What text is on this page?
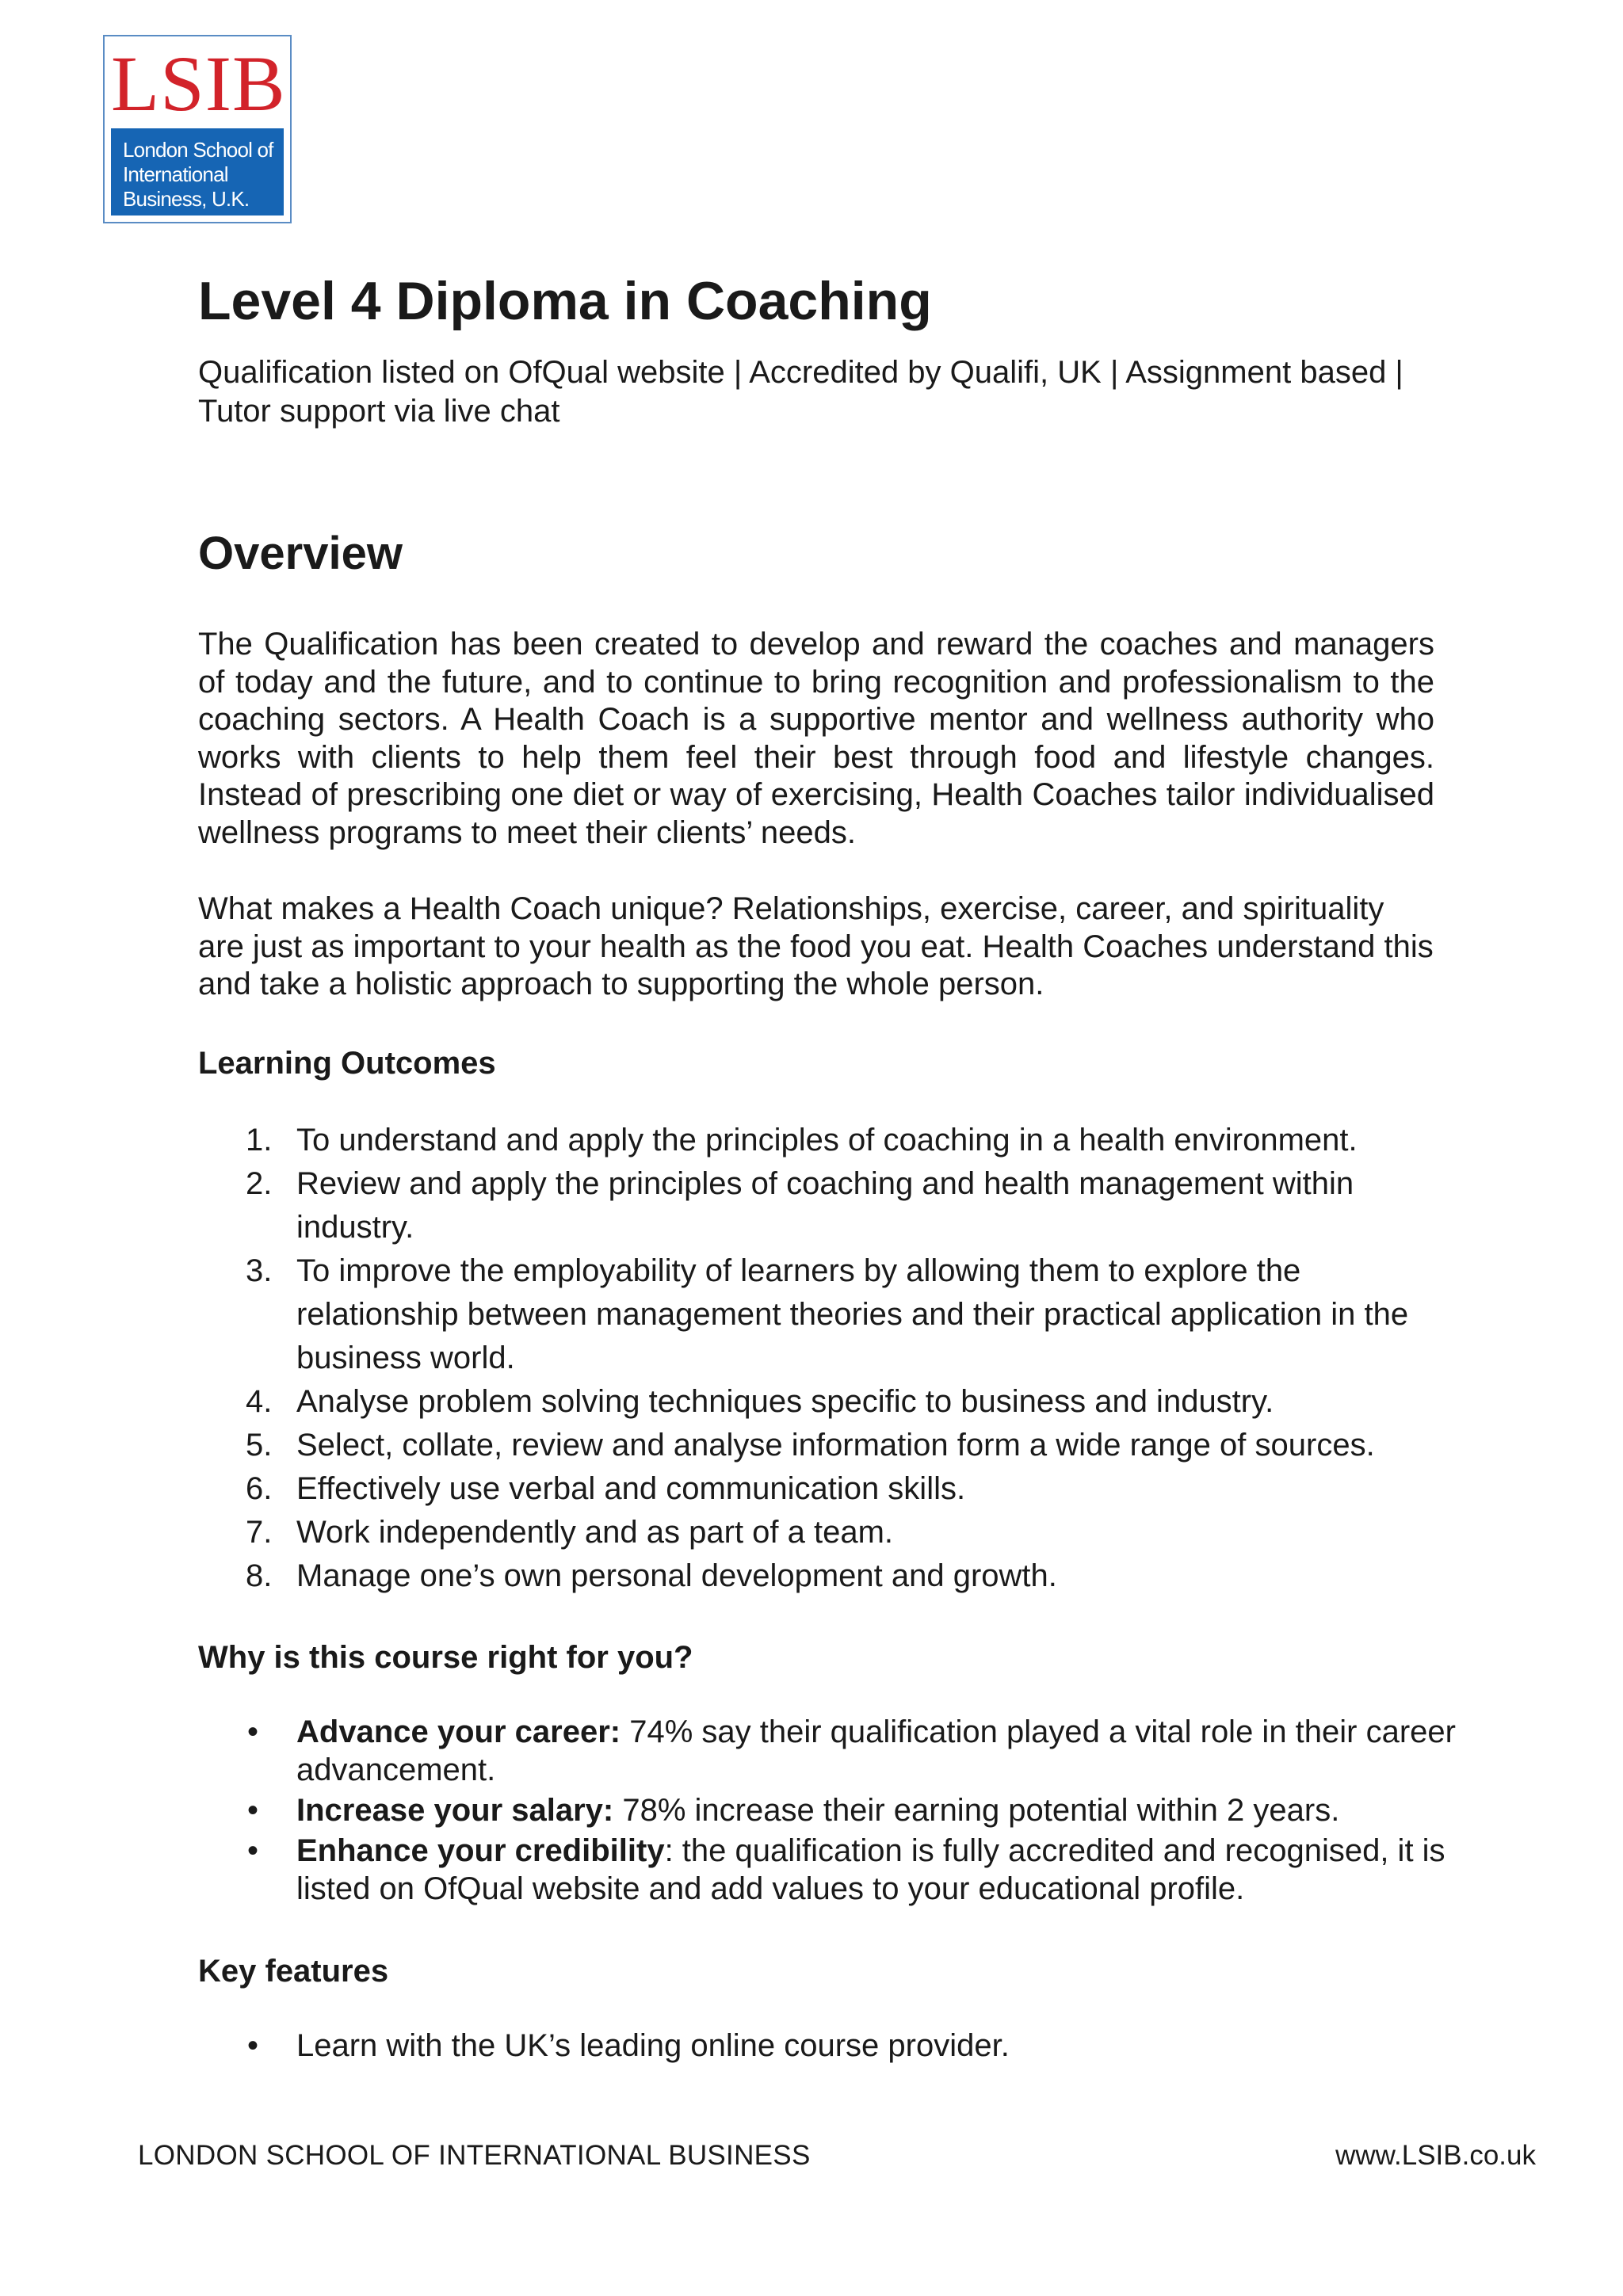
LSIB
London School of
International
Business, U.K.
Level 4 Diploma in Coaching

Qualification listed on OfQual website | Accredited by Qualifi, UK | Assignment based | Tutor support via live chat

Overview

The Qualification has been created to develop and reward the coaches and managers of today and the future, and to continue to bring recognition and professionalism to the coaching sectors. A Health Coach is a supportive mentor and wellness authority who works with clients to help them feel their best through food and lifestyle changes. Instead of prescribing one diet or way of exercising, Health Coaches tailor individualised wellness programs to meet their clients’ needs.

What makes a Health Coach unique? Relationships, exercise, career, and spirituality are just as important to your health as the food you eat. Health Coaches understand this and take a holistic approach to supporting the whole person.

Learning Outcomes
1. To understand and apply the principles of coaching in a health environment.
2. Review and apply the principles of coaching and health management within industry.
3. To improve the employability of learners by allowing them to explore the relationship between management theories and their practical application in the business world.
4. Analyse problem solving techniques specific to business and industry.
5. Select, collate, review and analyse information form a wide range of sources.
6. Effectively use verbal and communication skills.
7. Work independently and as part of a team.
8. Manage one’s own personal development and growth.
Why is this course right for you?
• Advance your career: 74% say their qualification played a vital role in their career advancement.
• Increase your salary: 78% increase their earning potential within 2 years.
• Enhance your credibility: the qualification is fully accredited and recognised, it is listed on OfQual website and add values to your educational profile.
Key features
• Learn with the UK’s leading online course provider.
LONDON SCHOOL OF INTERNATIONAL BUSINESS	www.LSIB.co.uk
